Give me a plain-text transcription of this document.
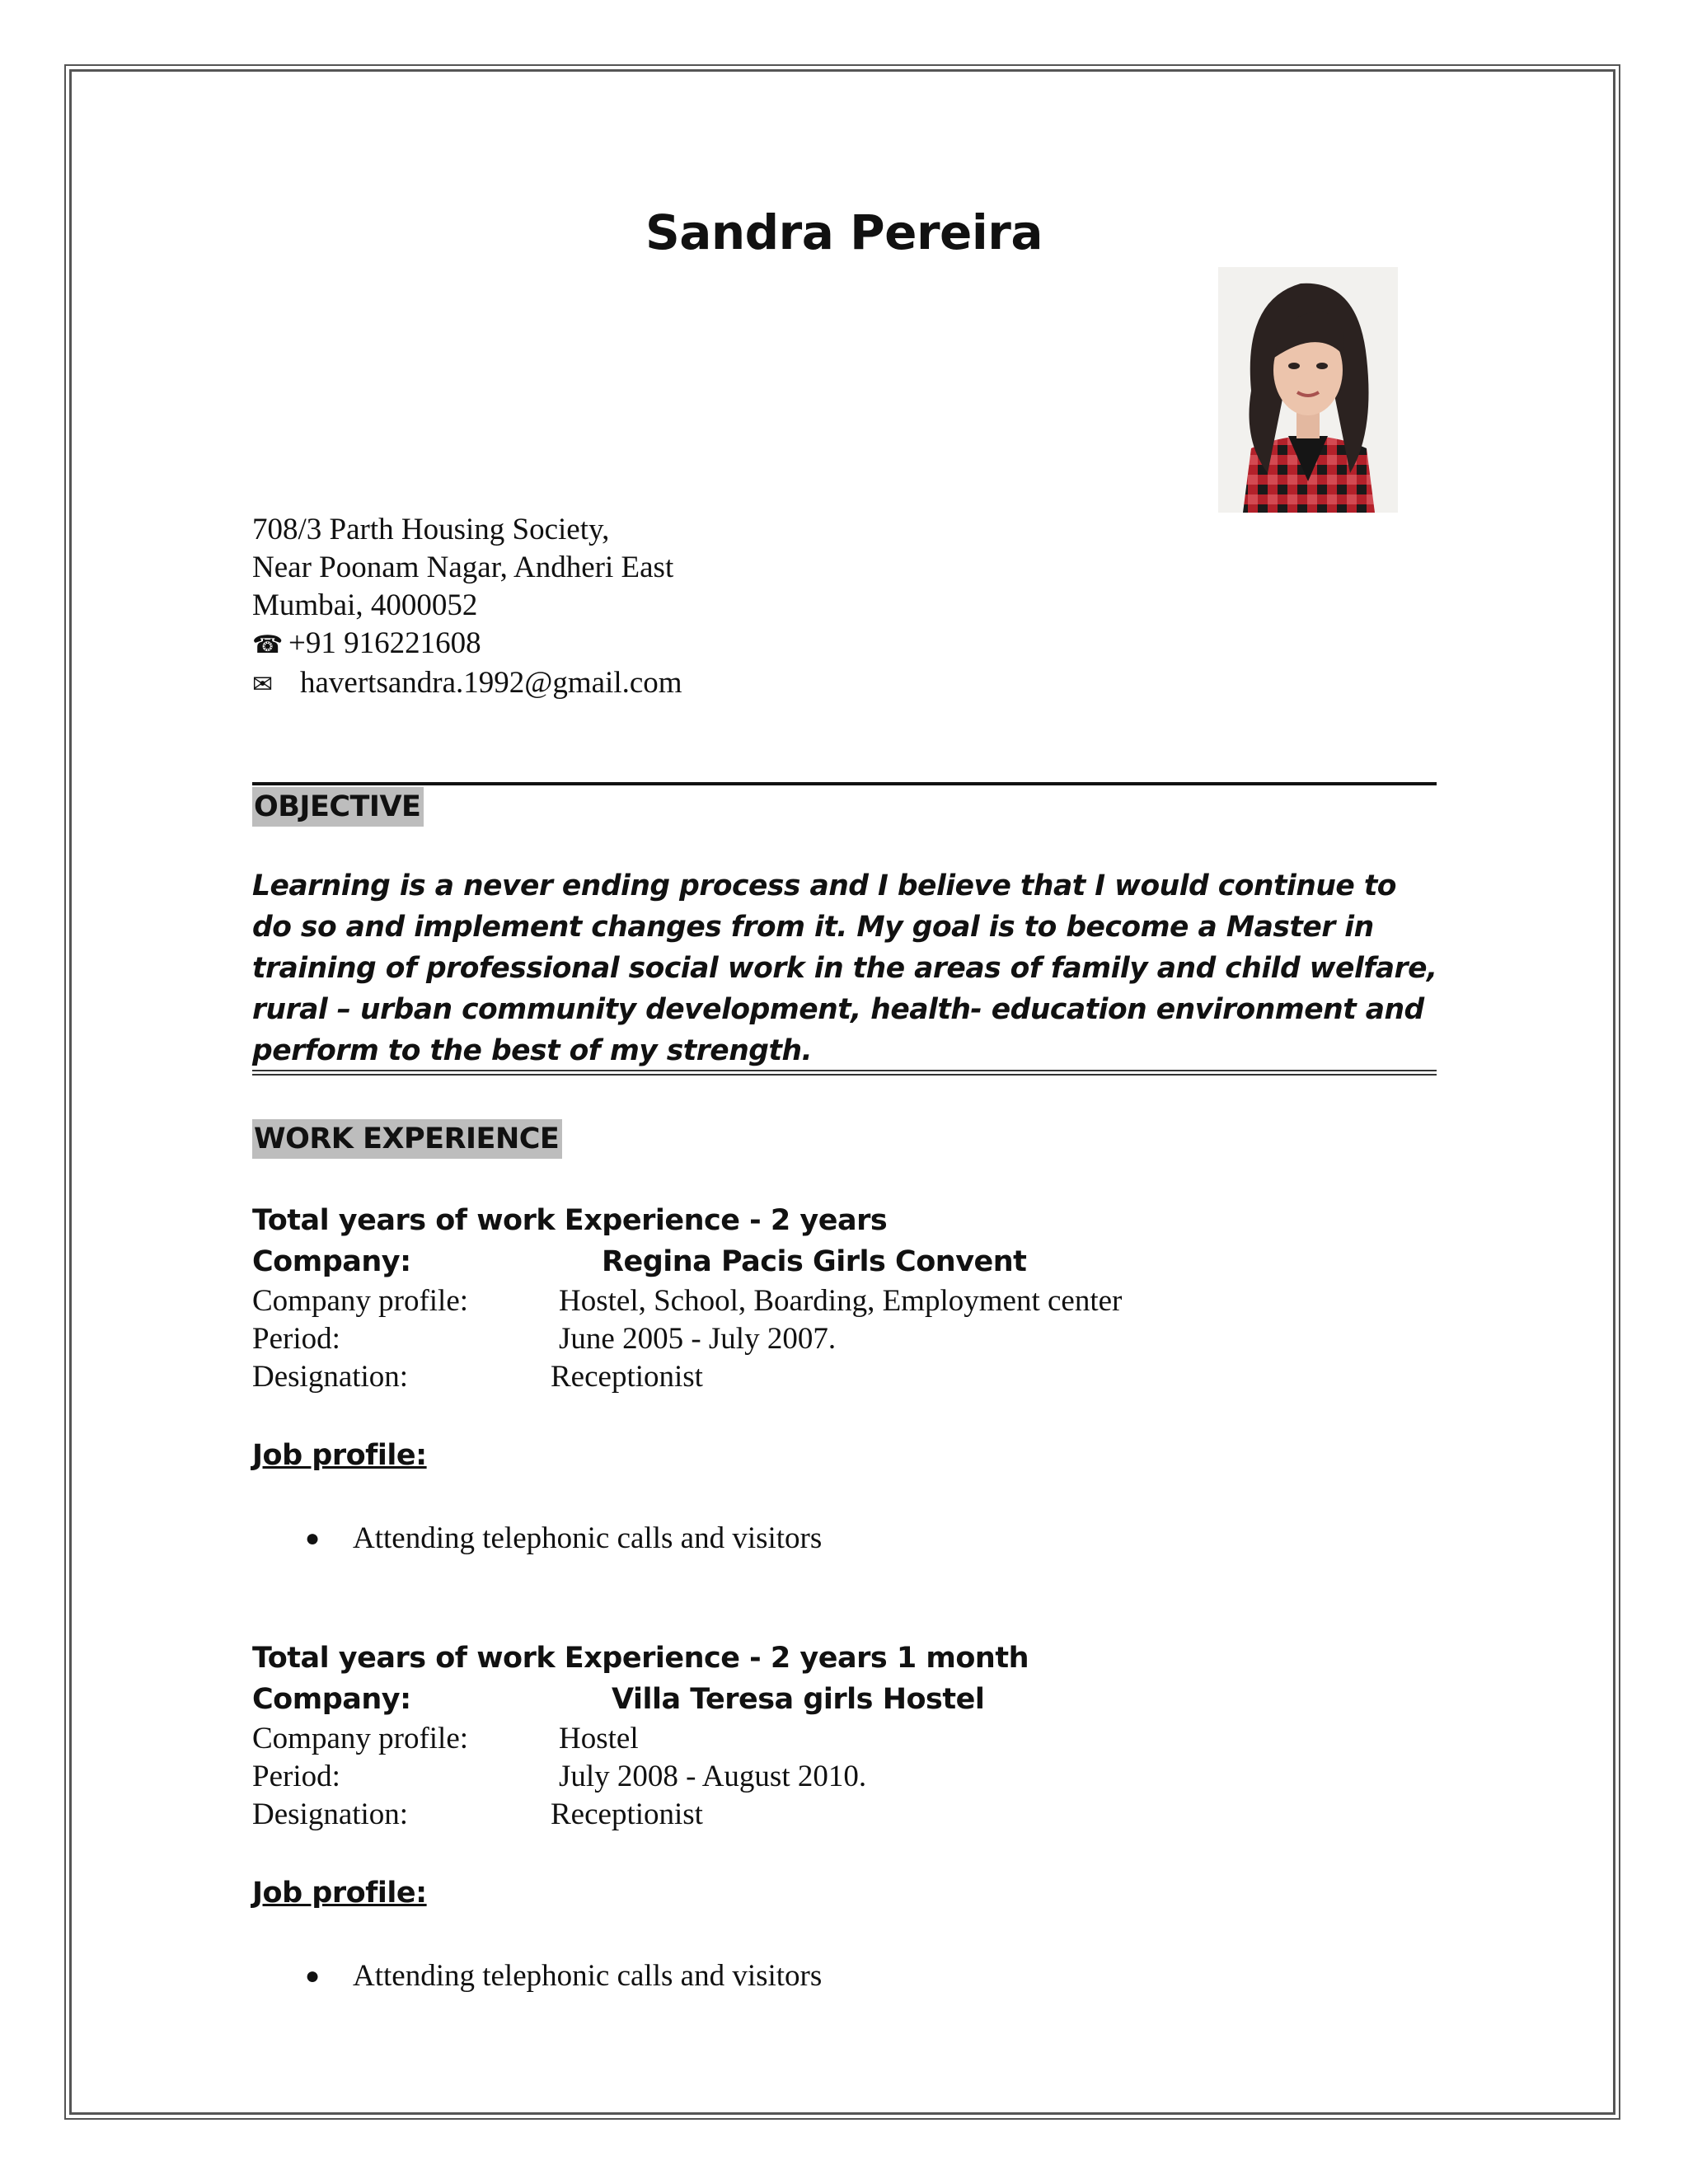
Sandra Pereira
708/3 Parth Housing Society,
Near Poonam Nagar, Andheri East
Mumbai, 4000052
☎ +91 916221608
✉ havertsandra.1992@gmail.com
OBJECTIVE
Learning is a never ending process and I believe that I would continue to do so and implement changes from it. My goal is to become a Master in training of professional social work in the areas of family and child welfare, rural – urban community development, health- education environment and perform to the best of my strength.
WORK EXPERIENCE
Total years of work Experience - 2 years
Company:	Regina Pacis Girls Convent
Company profile:	Hostel, School, Boarding, Employment center
Period:	June 2005 - July 2007.
Designation:	Receptionist
Job profile:
● Attending telephonic calls and visitors
Total years of work Experience - 2 years 1 month
Company:	Villa Teresa girls Hostel
Company profile:	Hostel
Period:	July 2008 - August 2010.
Designation:	Receptionist
Job profile:
● Attending telephonic calls and visitors
